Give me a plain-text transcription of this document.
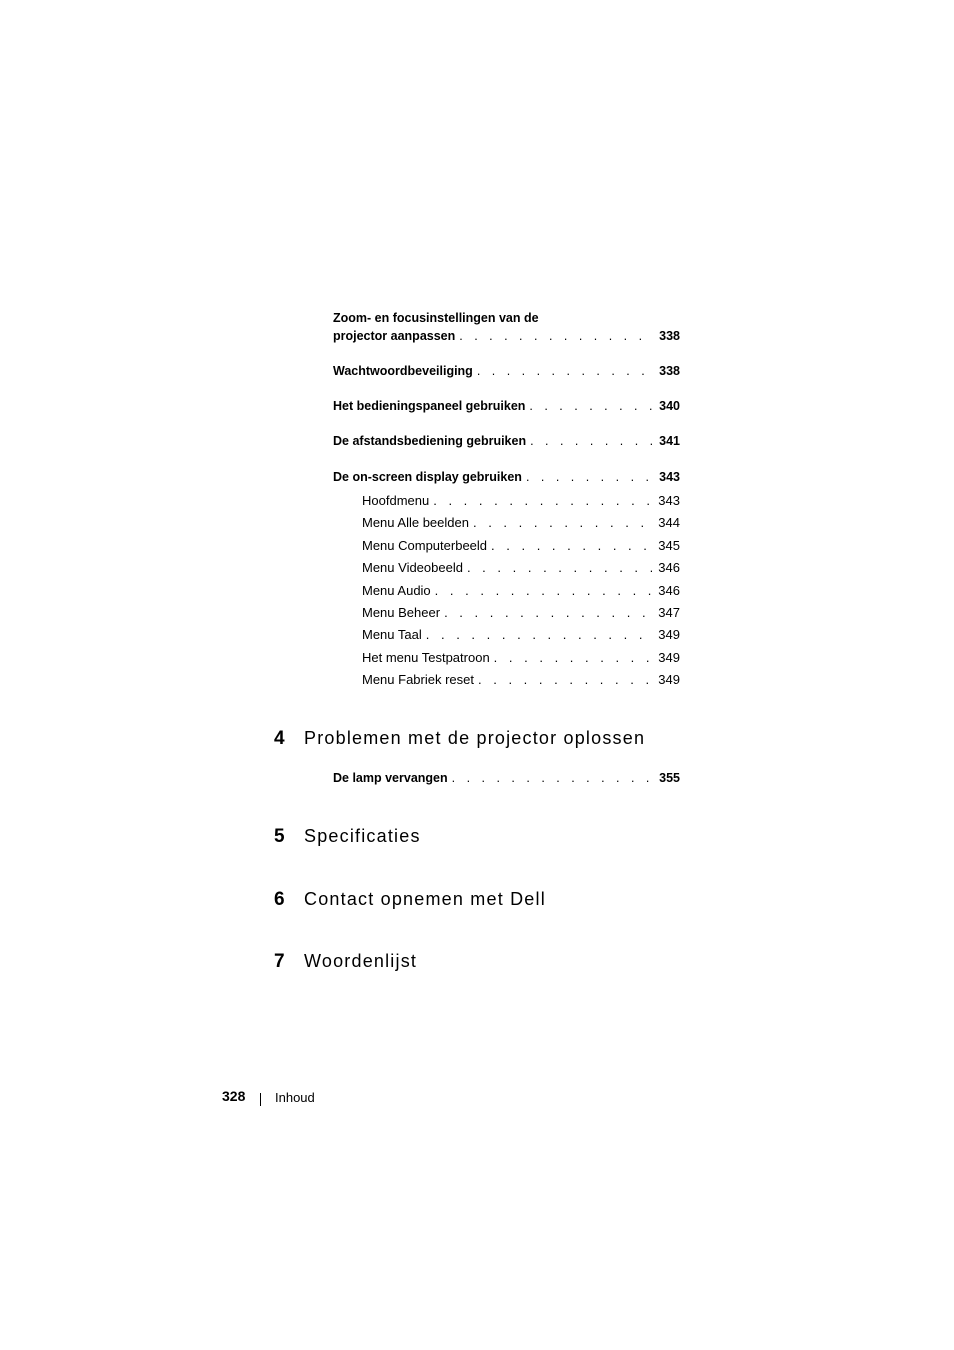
Zoom- en focusinstellingen van de
projector aanpassen . . .	338
Wachtwoordbeveiliging . . .	338
Het bedieningspaneel gebruiken . . .	340
De afstandsbediening gebruiken . . .	341
De on-screen display gebruiken . . .	343
Hoofdmenu . . .	343
Menu Alle beelden . . .	344
Menu Computerbeeld . . .	345
Menu Videobeeld . . .	346
Menu Audio . . .	346
Menu Beheer . . .	347
Menu Taal . . .	349
Het menu Testpatroon . . .	349
Menu Fabriek reset . . .	349
4	Problemen met de projector oplossen
De lamp vervangen . . .	355
5	Specificaties
6	Contact opnemen met Dell
7	Woordenlijst
328 Inhoud
